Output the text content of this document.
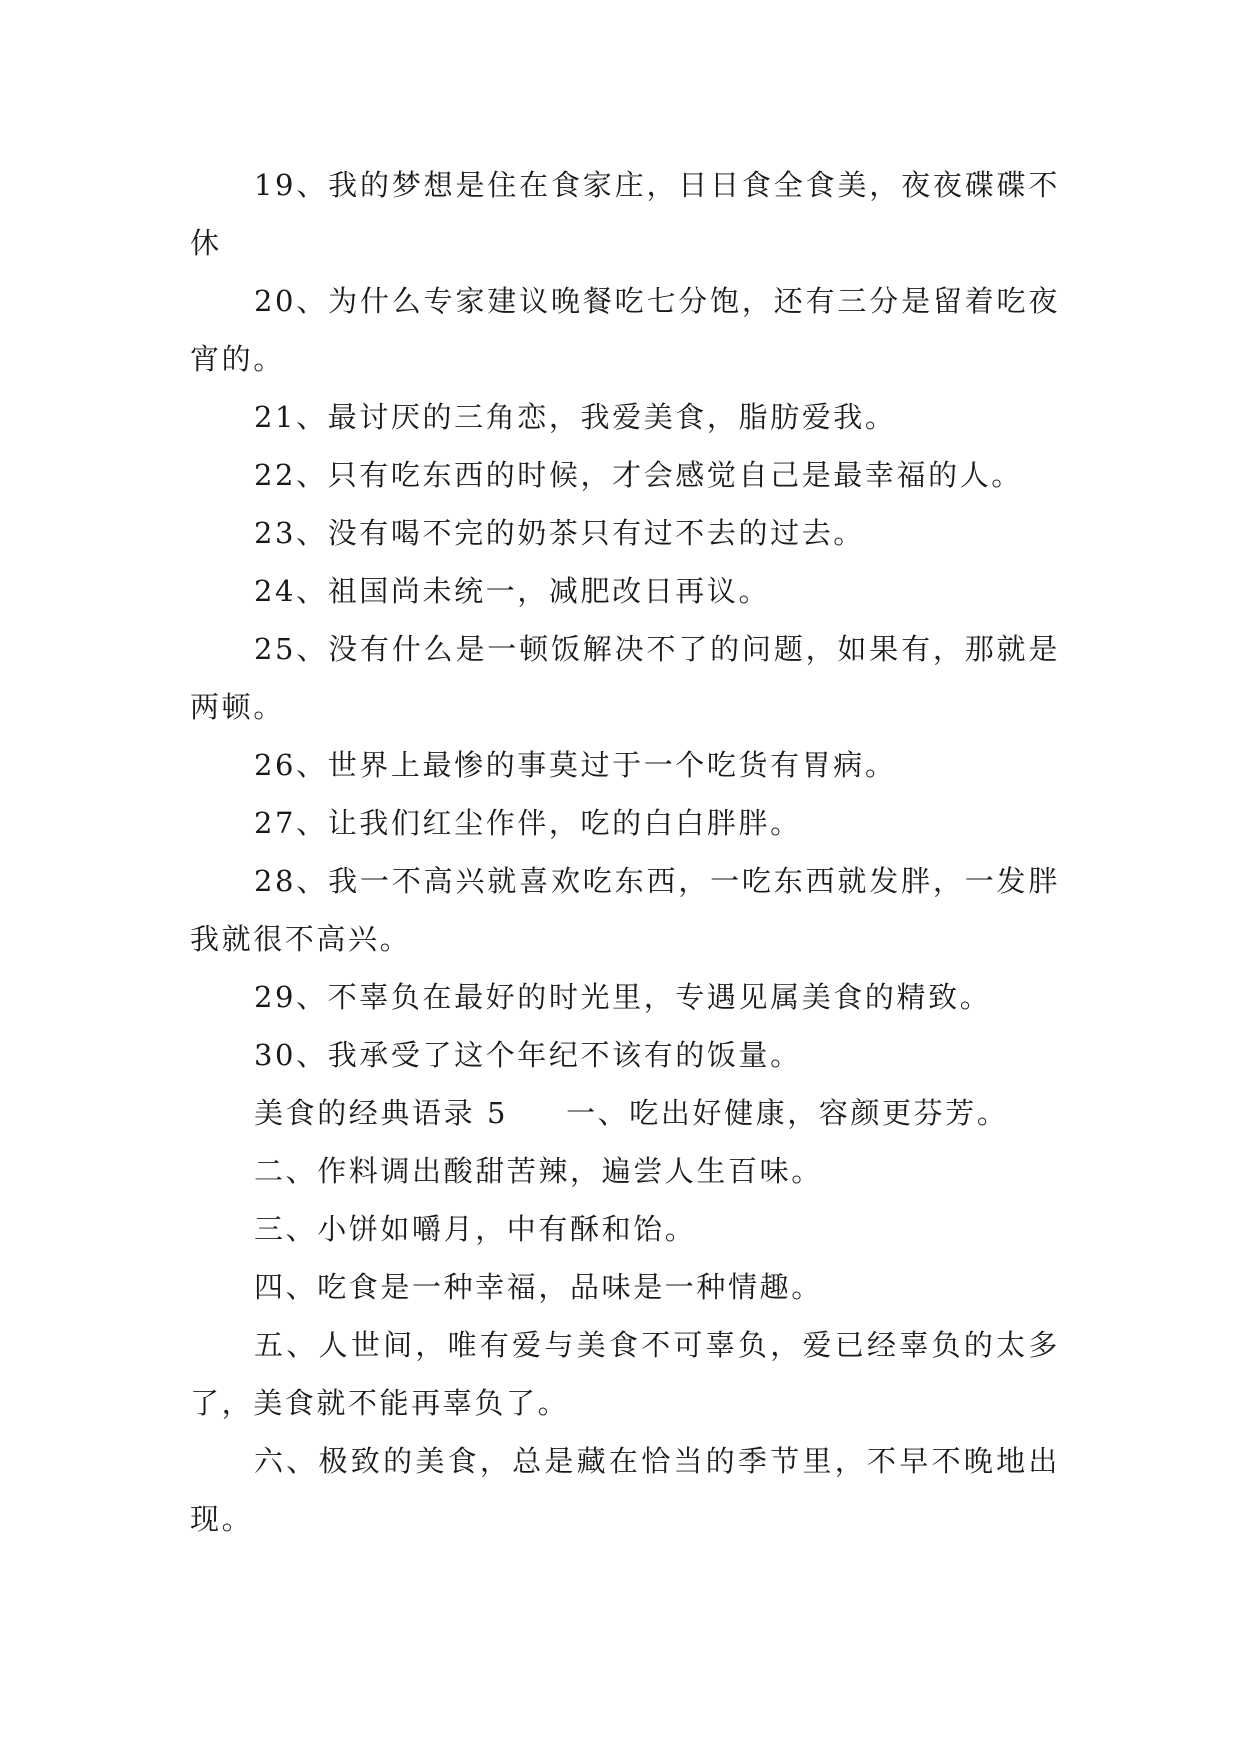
19、我的梦想是住在食家庄，日日食全食美，夜夜碟碟不休

20、为什么专家建议晚餐吃七分饱，还有三分是留着吃夜宵的。

21、最讨厌的三角恋，我爱美食，脂肪爱我。

22、只有吃东西的时候，才会感觉自己是最幸福的人。

23、没有喝不完的奶茶只有过不去的过去。

24、祖国尚未统一，减肥改日再议。

25、没有什么是一顿饭解决不了的问题，如果有，那就是两顿。

26、世界上最惨的事莫过于一个吃货有胃病。

27、让我们红尘作伴，吃的白白胖胖。

28、我一不高兴就喜欢吃东西，一吃东西就发胖，一发胖我就很不高兴。

29、不辜负在最好的时光里，专遇见属美食的精致。

30、我承受了这个年纪不该有的饭量。

美食的经典语录 5 一、吃出好健康，容颜更芬芳。

二、作料调出酸甜苦辣，遍尝人生百味。

三、小饼如嚼月，中有酥和饴。

四、吃食是一种幸福，品味是一种情趣。

五、人世间，唯有爱与美食不可辜负，爱已经辜负的太多了，美食就不能再辜负了。

六、极致的美食，总是藏在恰当的季节里，不早不晚地出现。
